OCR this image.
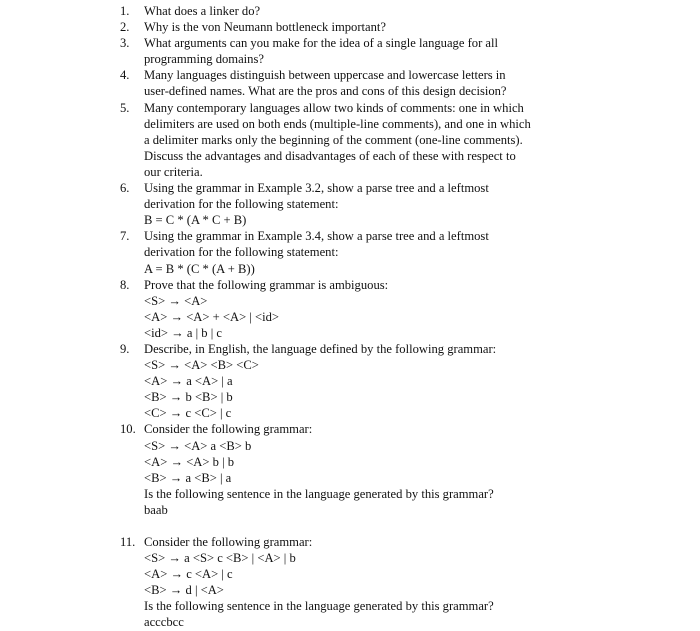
1.	What does a linker do?
2.	Why is the von Neumann bottleneck important?
3.	What arguments can you make for the idea of a single language for all
programming domains?
4.	Many languages distinguish between uppercase and lowercase letters in
user-defined names. What are the pros and cons of this design decision?
5.	Many contemporary languages allow two kinds of comments: one in which
delimiters are used on both ends (multiple-line comments), and one in which
a delimiter marks only the beginning of the comment (one-line comments).
Discuss the advantages and disadvantages of each of these with respect to
our criteria.
6.	Using the grammar in Example 3.2, show a parse tree and a leftmost
derivation for the following statement:
B = C * (A * C + B)
7.	Using the grammar in Example 3.4, show a parse tree and a leftmost
derivation for the following statement:
A = B * (C * (A + B))
8.	Prove that the following grammar is ambiguous:
<S> → <A>
<A> → <A> + <A> | <id>
<id> → a | b | c
9.	Describe, in English, the language defined by the following grammar:
<S> → <A> <B> <C>
<A> → a <A> | a
<B> → b <B> | b
<C> → c <C> | c
10. Consider the following grammar:
<S> → <A> a <B> b
<A> → <A> b | b
<B> → a <B> | a
Is the following sentence in the language generated by this grammar?
baab
11. Consider the following grammar:
<S> → a <S> c <B> | <A> | b
<A> → c <A> | c
<B> → d | <A>
Is the following sentence in the language generated by this grammar?
acccbcc
